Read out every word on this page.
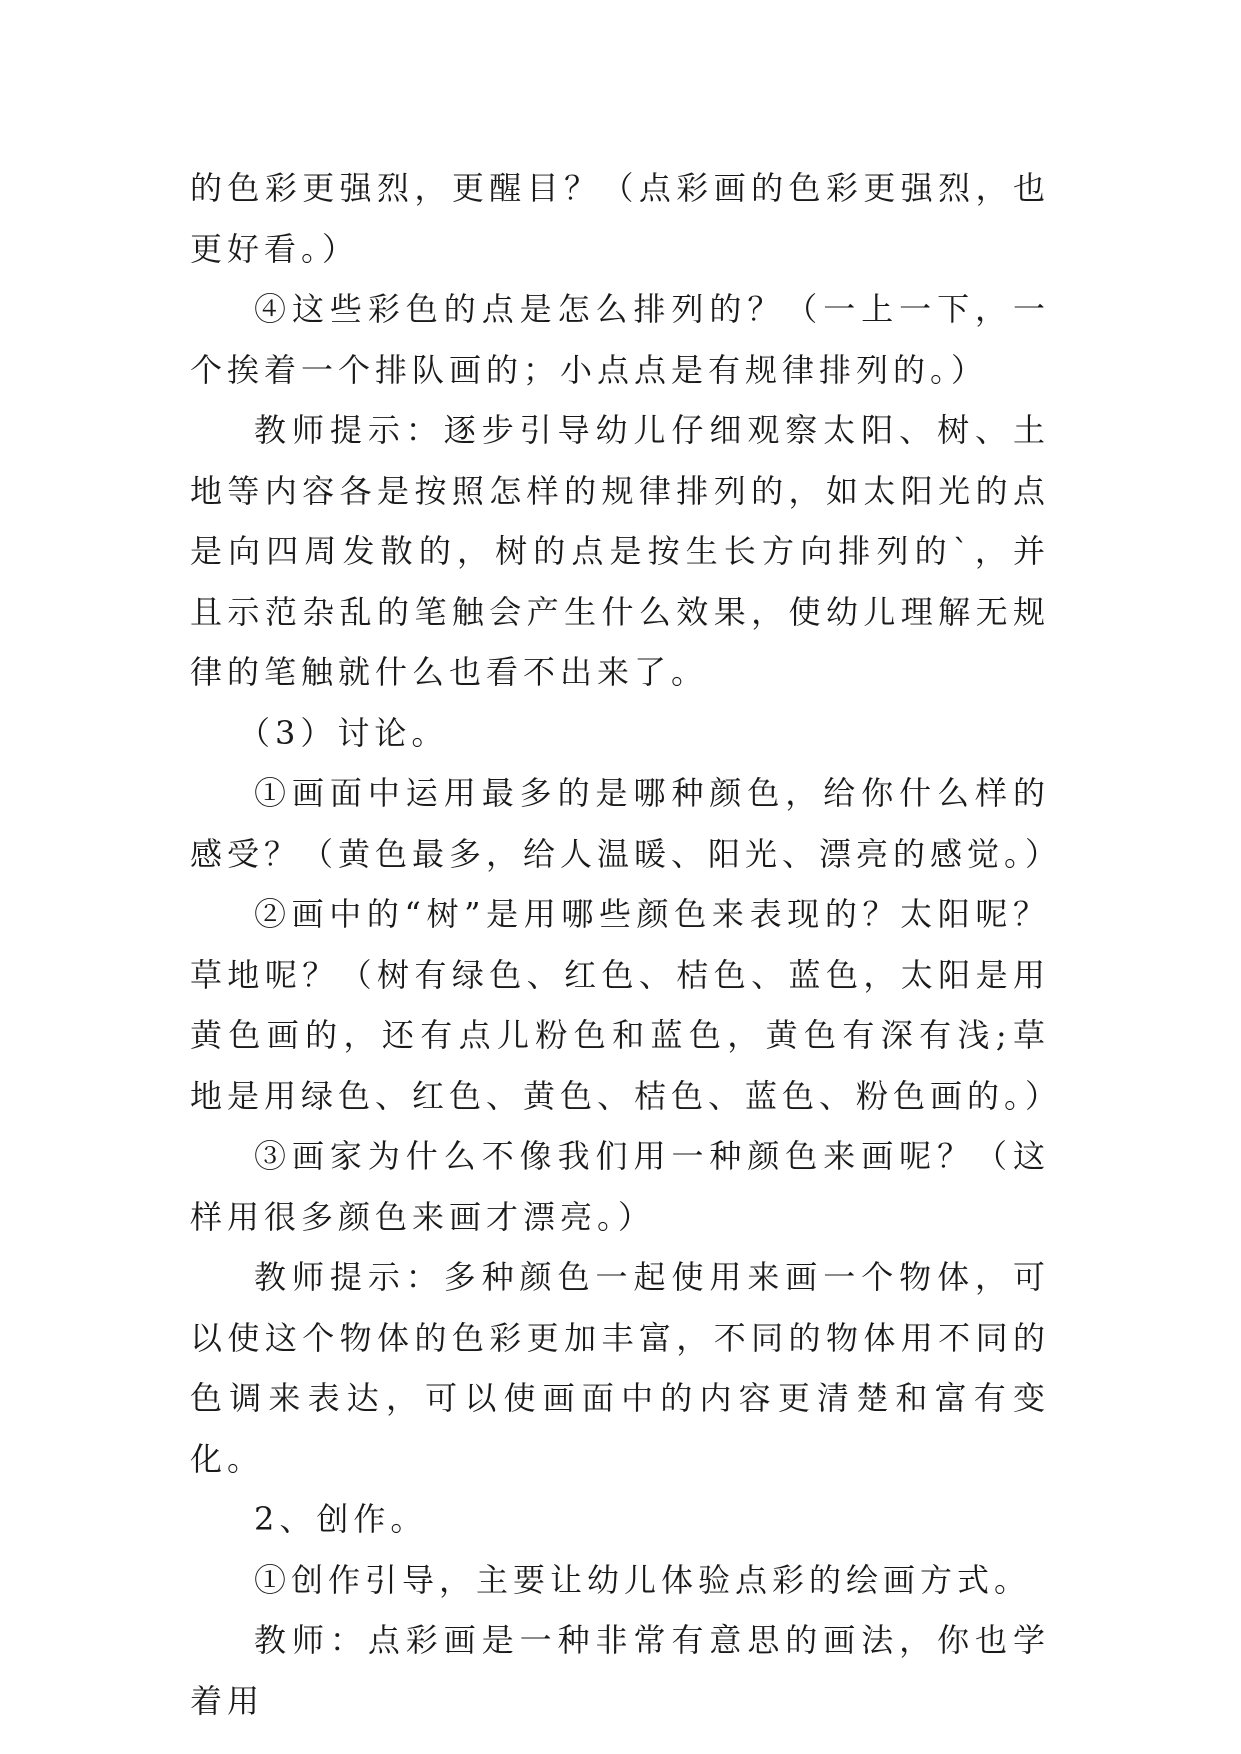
的色彩更强烈，更醒目？（点彩画的色彩更强烈，也更好看。）

④这些彩色的点是怎么排列的？（一上一下，一个挨着一个排队画的；小点点是有规律排列的。）

教师提示：逐步引导幼儿仔细观察太阳、树、土地等内容各是按照怎样的规律排列的，如太阳光的点是向四周发散的，树的点是按生长方向排列的`，并且示范杂乱的笔触会产生什么效果，使幼儿理解无规律的笔触就什么也看不出来了。

（3）讨论。

①画面中运用最多的是哪种颜色，给你什么样的感受？（黄色最多，给人温暖、阳光、漂亮的感觉。）

②画中的“树”是用哪些颜色来表现的？太阳呢？草地呢？（树有绿色、红色、桔色、蓝色，太阳是用黄色画的，还有点儿粉色和蓝色，黄色有深有浅;草地是用绿色、红色、黄色、桔色、蓝色、粉色画的。）

③画家为什么不像我们用一种颜色来画呢？（这样用很多颜色来画才漂亮。）

教师提示：多种颜色一起使用来画一个物体，可以使这个物体的色彩更加丰富，不同的物体用不同的色调来表达，可以使画面中的内容更清楚和富有变化。

2、创作。

①创作引导，主要让幼儿体验点彩的绘画方式。

教师：点彩画是一种非常有意思的画法，你也学着用
